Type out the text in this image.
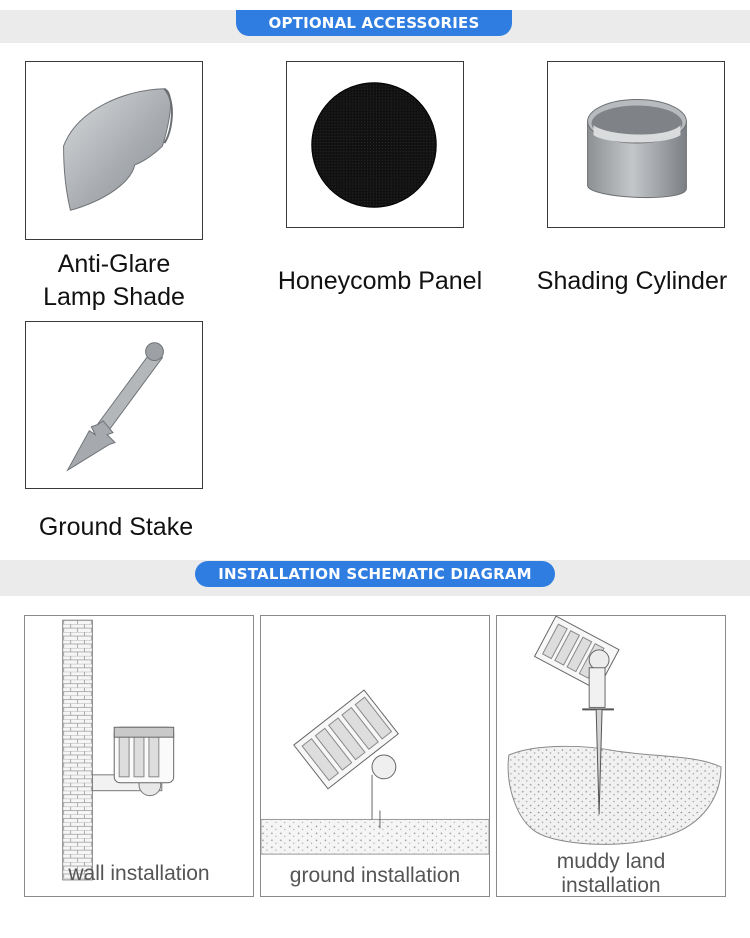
OPTIONAL ACCESSORIES
Anti-Glare
Lamp Shade
Honeycomb Panel	Shading Cylinder
Ground Stake
INSTALLATION SCHEMATIC DIAGRAM
wall installation	ground installation
muddy land
installation
